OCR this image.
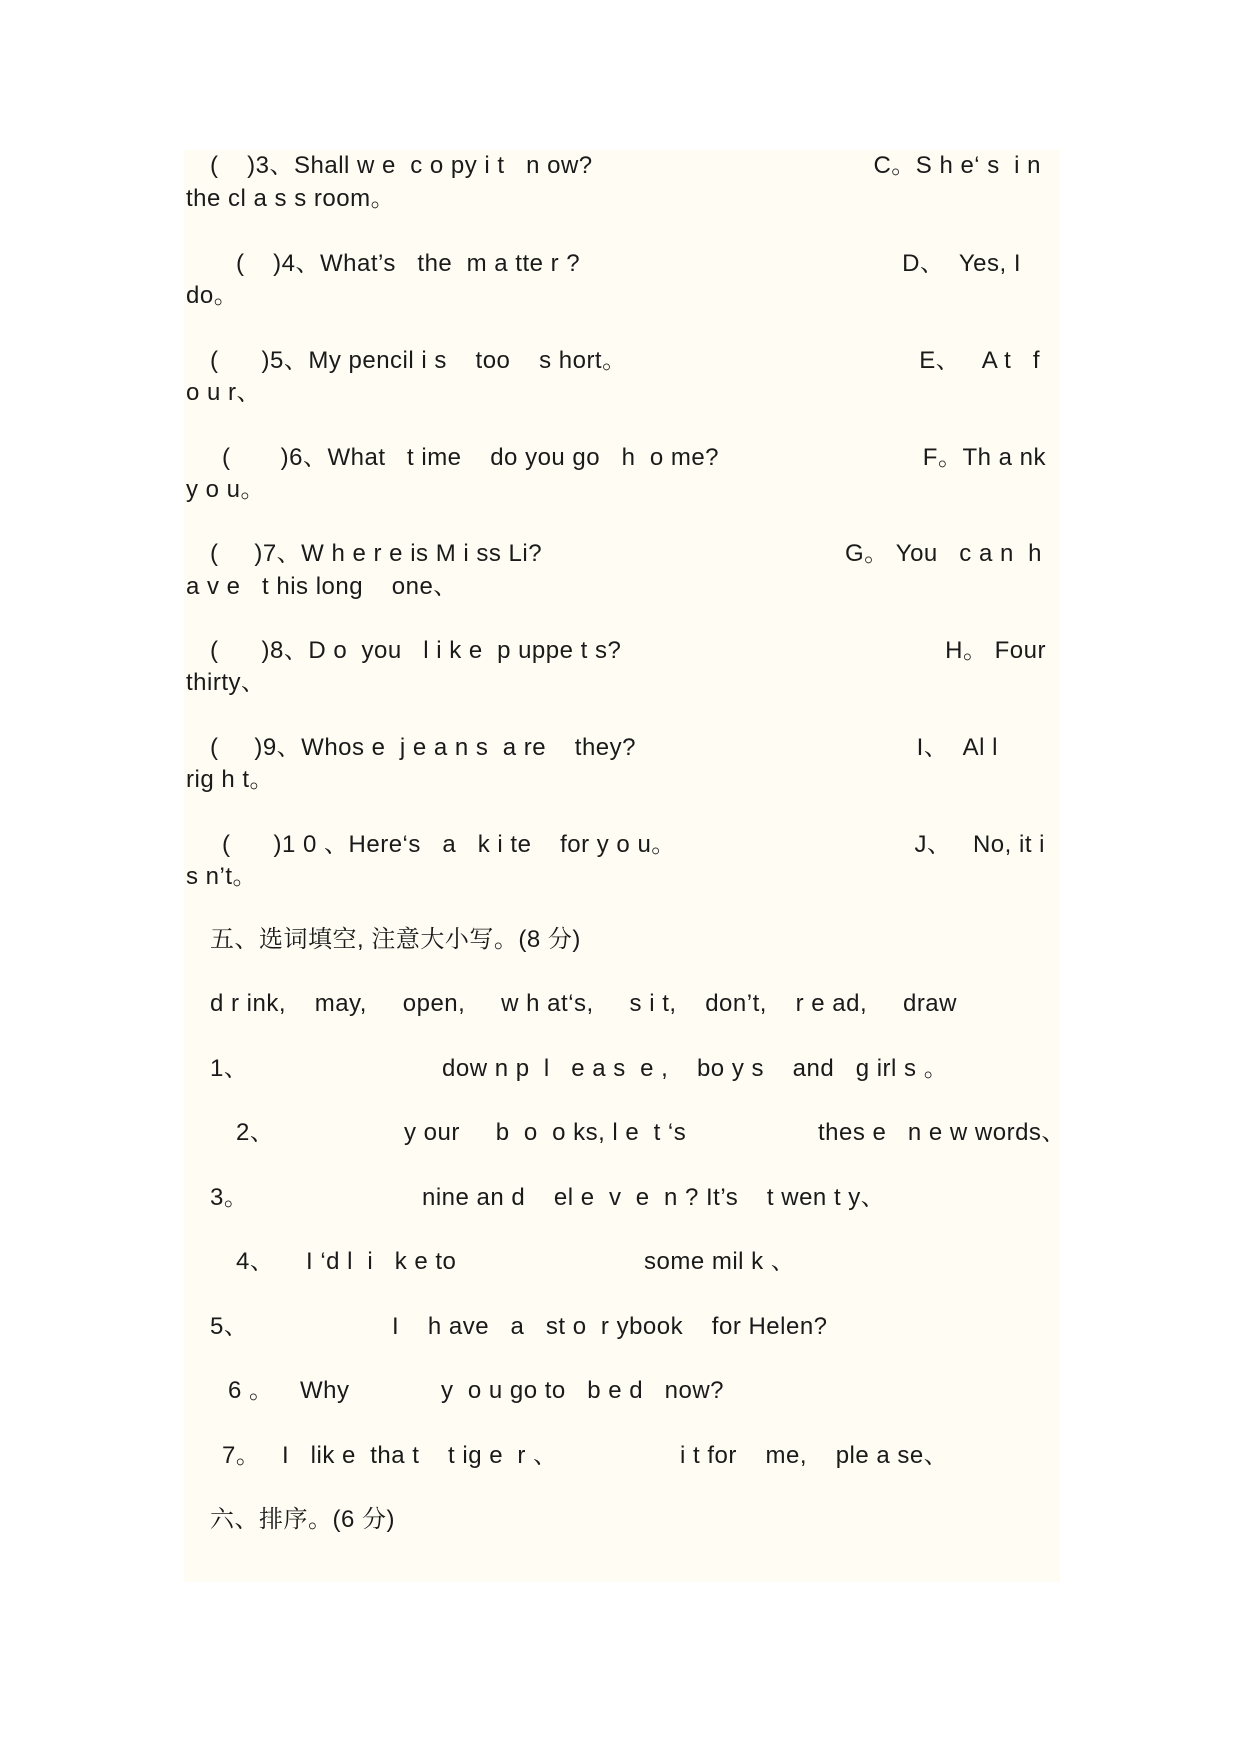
(    )3、Shall w e  c o py i t   n ow?	C。S h e‘ s  i n
the cl a s s room。
(    )4、What’s   the  m a tte r ?	D、  Yes, I
do。
(      )5、My pencil i s    too    s hort。	E、   A t   f
o u r、
(       )6、What   t ime    do you go   h  o me?	F。Th a nk
y o u。
(     )7、W h e r e is M i ss Li?	G。 You   c a n  h
a v e   t his long    one、
(      )8、D o  you   l i k e  p uppe t s?	H。 Four
thirty、
(     )9、Whos e  j e a n s  a re    they?	I、  Al l
rig h t。
(      )1 0 、Here‘s   a   k i te    for y o u。	J、   No, it i
s n’t。
五、选词填空, 注意大小写。(8 分)
d r ink,    may,     open,     w h at‘s,     s i t,    don’t,    r e ad,     draw
1、	dow n p  l   e a s  e ,    bo y s    and   g irl s 。
2、	y our     b  o  o ks, l e  t ‘s	thes e   n e w words、
3。	nine an d    el e  v  e  n ? It’s    t wen t y、
4、 I ‘d l  i   k e to	some mil k 、
5、	I    h ave   a   st o  r ybook    for Helen?
6 。 Why	y  o u go to   b e d   now?
7。 I   lik e  tha t    t ig e  r 、	i t for    me,    ple a se、
六、排序。(6 分)
